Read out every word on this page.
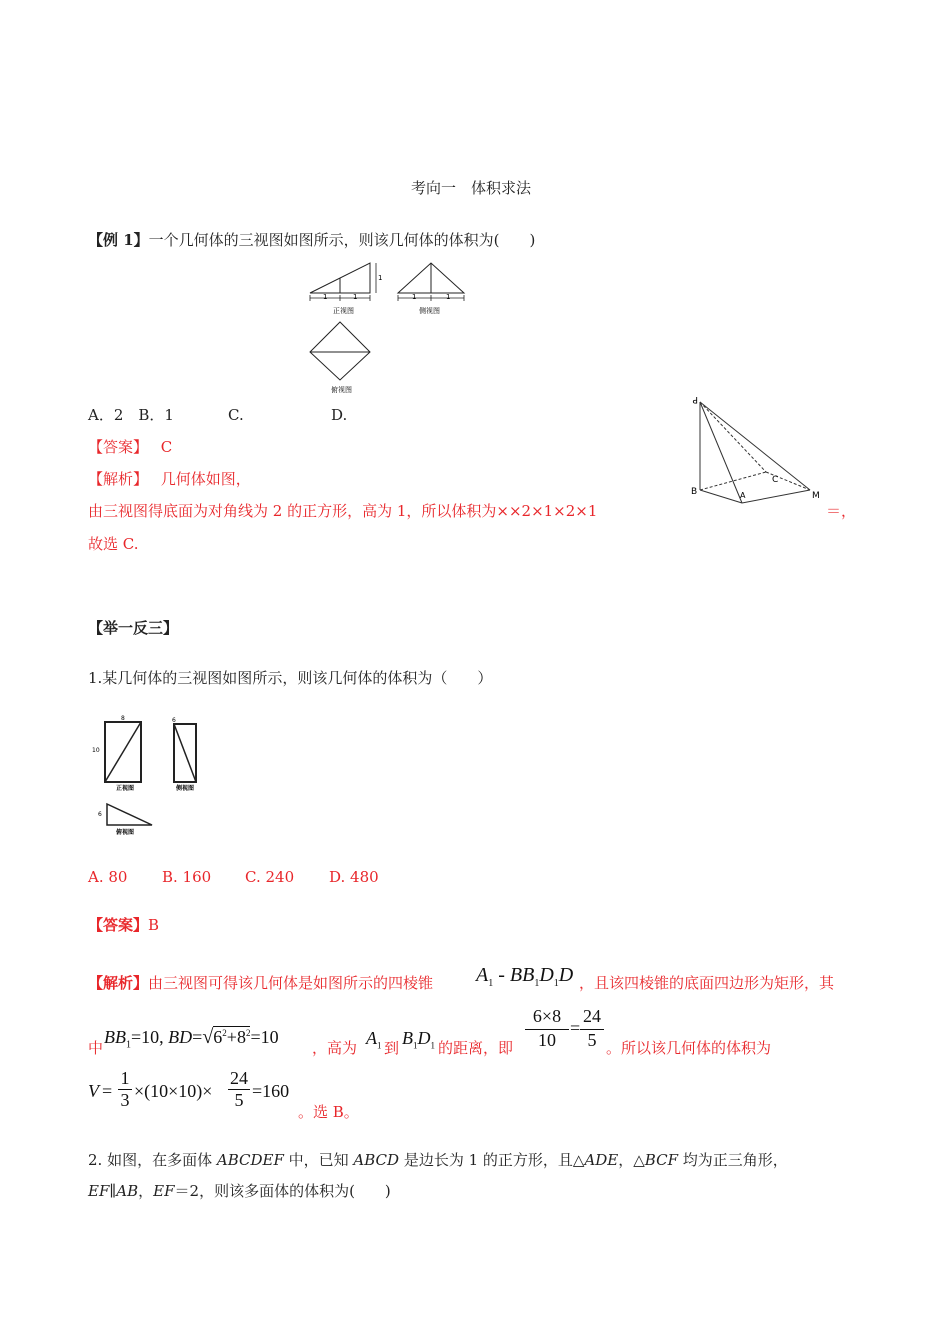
考向一　体积求法
【例 1】一个几何体的三视图如图所示，则该几何体的体积为(　　)
1	1
1
正视图
1	1
侧视图
俯视图
A．2　B．1	C.	D.
P
B	A
C
M
【答案】 C
【解析】 几何体如图，
由三视图得底面为对角线为 2 的正方形，高为 1，所以体积为××2×1×2×1	＝，
故选 C.
【举一反三】
1.某几何体的三视图如图所示，则该几何体的体积为（　　）
8
10
正视图
6
侧视图
6
俯视图
A. 80 B. 160 C. 240 D. 480
【答案】B
【解析】由三视图可得该几何体是如图所示的四棱锥 $A_1 - BB_1D_1D$ ，且该四棱锥的底面四边形为矩形，其
中
$BB_1=10$, $BD=√6^2+8^2=10$
，高为 $A_1$ 到 $B_1D_1$ 的距离，即 $\frac{6\times 8}{10} = \frac{24}{5}$ 。所以该几何体的体积为
$V = \frac{1}{3} \times(10\times 10)\times \frac{24}{5} =160$
。选 B。
2. 如图，在多面体 ABCDEF 中，已知 ABCD 是边长为 1 的正方形，且△ADE，△BCF 均为正三角形，
EF∥AB，EF＝2，则该多面体的体积为(　　)
